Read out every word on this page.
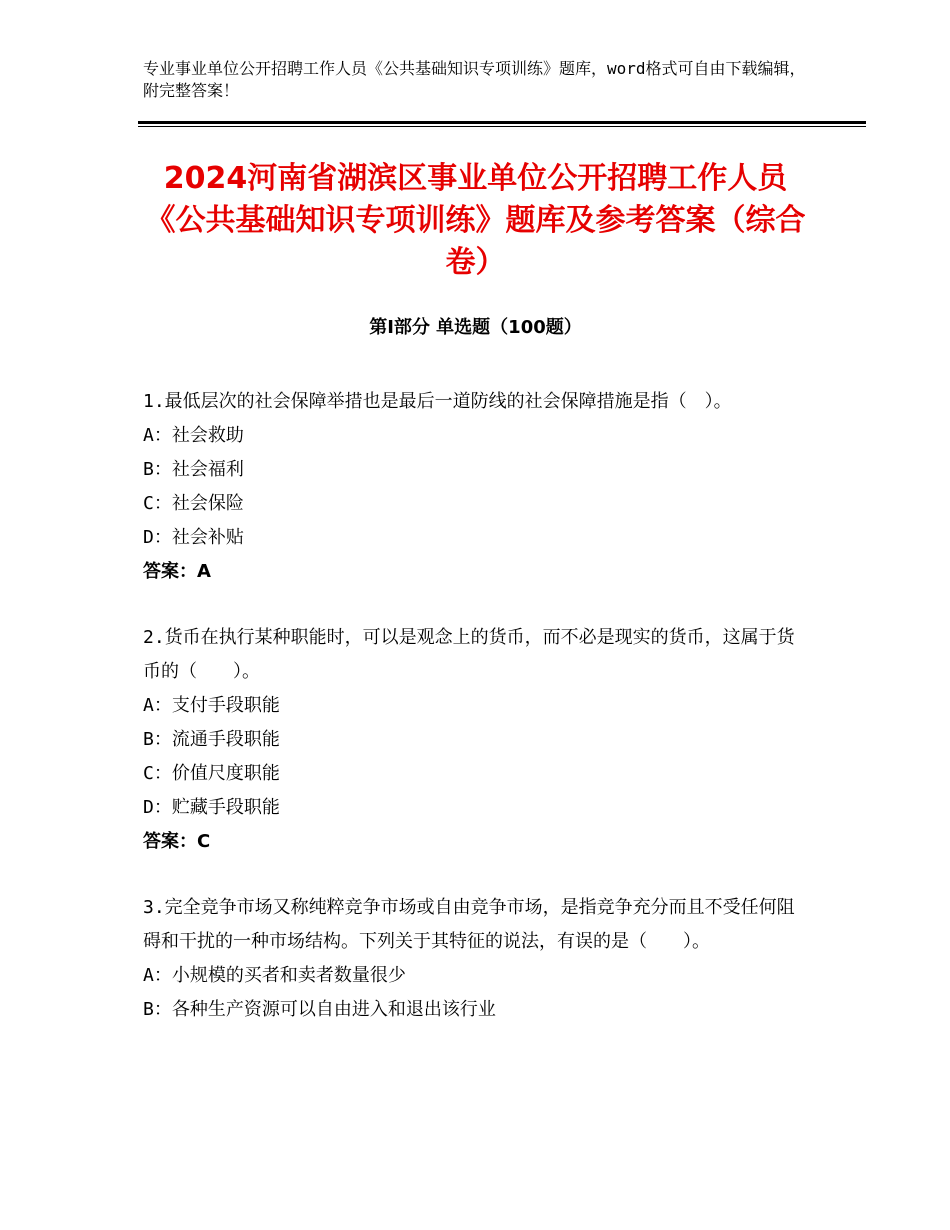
专业事业单位公开招聘工作人员《公共基础知识专项训练》题库，word格式可自由下载编辑，附完整答案！
2024河南省湖滨区事业单位公开招聘工作人员《公共基础知识专项训练》题库及参考答案（综合卷）
第Ⅰ部分 单选题（100题）

1.最低层次的社会保障举措也是最后一道防线的社会保障措施是指（　）。

A：社会救助

B：社会福利

C：社会保险

D：社会补贴

答案：A

2.货币在执行某种职能时，可以是观念上的货币，而不必是现实的货币，这属于货币的（　　）。

A：支付手段职能

B：流通手段职能

C：价值尺度职能

D：贮藏手段职能

答案：C

3.完全竞争市场又称纯粹竞争市场或自由竞争市场，是指竞争充分而且不受任何阻碍和干扰的一种市场结构。下列关于其特征的说法，有误的是（　　）。

A：小规模的买者和卖者数量很少

B：各种生产资源可以自由进入和退出该行业
